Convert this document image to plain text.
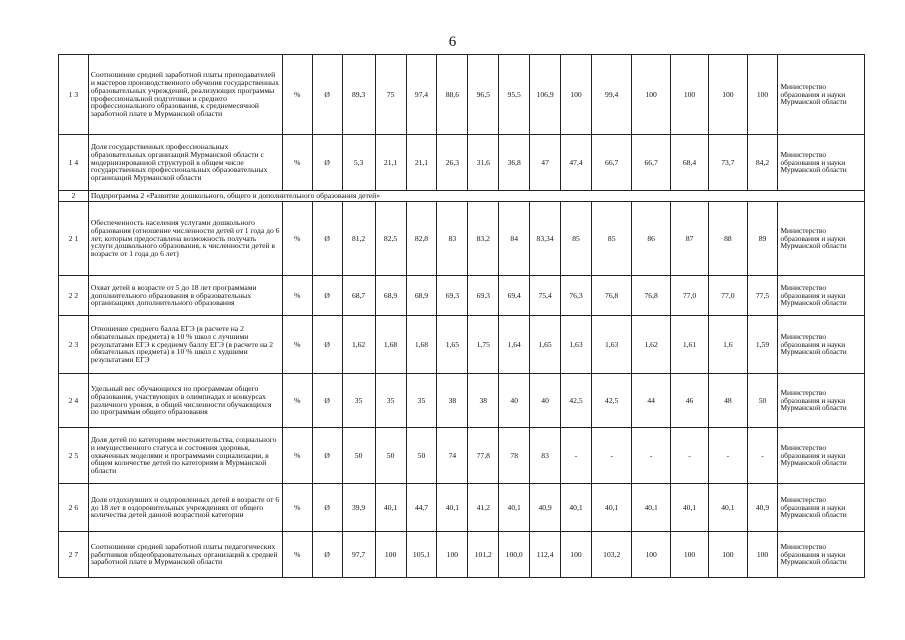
6
1 3	Соотношение средней заработной платы преподавателей и мастеров производственного обучения государственных образовательных учреждений, реализующих программы профессиональной подготовки и среднего профессионального образования, к среднемесячной заработной плате в Мурманской области	%	Ø	89,3	75	97,4	88,6	96,5	95,5	106,9	100	99,4	100	100	100	100	Министерство образования и науки Мурманской области
1 4	Доля государственных профессиональных образовательных организаций Мурманской области с модернизированной структурой в общем числе государственных профессиональных образовательных организаций Мурманской области	%	Ø	5,3	21,1	21,1	26,3	31,6	36,8	47	47,4	66,7	66,7	68,4	73,7	84,2	Министерство образования и науки Мурманской области
2	Подпрограмма 2 «Развитие дошкольного, общего и дополнительного образования детей»																
2 1	Обеспеченность населения услугами дошкольного образования (отношение численности детей от 1 года до 6 лет, которым предоставлена возможность получать услуги дошкольного образования, к численности детей в возрасте от 1 года до 6 лет)	%	Ø	81,2	82,5	82,8	83	83,2	84	83,34	85	85	86	87	88	89	Министерство образования и науки Мурманской области
2 2	Охват детей в возрасте от 5 до 18 лет программами дополнительного образования в образовательных организациях дополнительного образования	%	Ø	68,7	68,9	68,9	69,3	69,3	69,4	75,4	76,3	76,8	76,8	77,0	77,0	77,5	Министерство образования и науки Мурманской области
2 3	Отношение среднего балла ЕГЭ (в расчете на 2 обязательных предмета) в 10 % школ с лучшими результатами ЕГЭ к среднему баллу ЕГЭ (в расчете на 2 обязательных предмета) в 10 % школ с худшими результатами ЕГЭ	%	Ø	1,62	1,68	1,68	1,65	1,75	1,64	1,65	1,63	1,63	1,62	1,61	1,6	1,59	Министерство образования и науки Мурманской области
2 4	Удельный вес обучающихся по программам общего образования, участвующих в олимпиадах и конкурсах различного уровня, в общей численности обучающихся по программам общего образования	%	Ø	35	35	35	38	38	40	40	42,5	42,5	44	46	48	50	Министерство образования и науки Мурманской области
2 5	Доля детей по категориям местожительства, социального и имущественного статуса и состояния здоровья, охваченных моделями и программами социализации, в общем количестве детей по категориям в Мурманской области	%	Ø	50	50	50	74	77,8	78	83	-	-	-	-	-	-	Министерство образования и науки Мурманской области
2 6	Доля отдохнувших и оздоровленных детей в возрасте от 6 до 18 лет в оздоровительных учреждениях от общего количества детей данной возрастной категории	%	Ø	39,9	40,1	44,7	40,1	41,2	40,1	40,9	40,1	40,1	40,1	40,1	40,1	40,9	Министерство образования и науки Мурманской области
2 7	Соотношение средней заработной платы педагогических работников общеобразовательных организаций к средней заработной плате в Мурманской области	%	Ø	97,7	100	105,1	100	101,2	100,0	112,4	100	103,2	100	100	100	100	Министерство образования и науки Мурманской области
